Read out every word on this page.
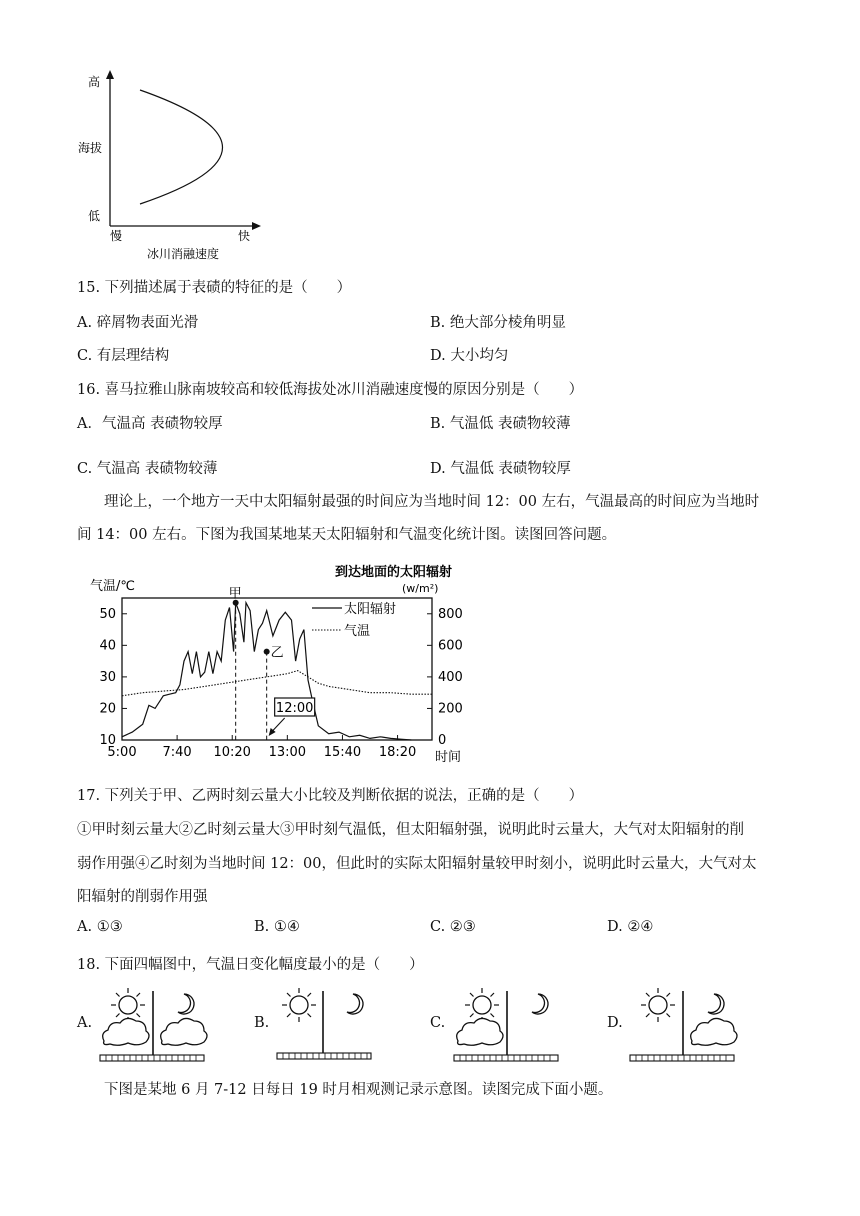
高
海拔
低
慢	快
冰川消融速度
15. 下列描述属于表碛的特征的是（　　）
A. 碎屑物表面光滑	B. 绝大部分棱角明显
C. 有层理结构	D. 大小均匀
16. 喜马拉雅山脉南坡较高和较低海拔处冰川消融速度慢的原因分别是（　　）
A．气温高 表碛物较厚	B. 气温低 表碛物较薄
C. 气温高 表碛物较薄	D. 气温低 表碛物较厚
理论上，一个地方一天中太阳辐射最强的时间应为当地时间 12：00 左右，气温最高的时间应为当地时
间 14：00 左右。下图为我国某地某天太阳辐射和气温变化统计图。读图回答问题。
气温/℃
到达地面的太阳辐射
(w/m²)
时间
10
20
30
40
50
0
200
400
600
800
5:00 7:40 10:20 13:00 15:40 18:20
甲
乙
12:00
太阳辐射
气温
17. 下列关于甲、乙两时刻云量大小比较及判断依据的说法，正确的是（　　）
①甲时刻云量大②乙时刻云量大③甲时刻气温低，但太阳辐射强，说明此时云量大，大气对太阳辐射的削
弱作用强④乙时刻为当地时间 12：00，但此时的实际太阳辐射量较甲时刻小，说明此时云量大，大气对太
阳辐射的削弱作用强
A. ①③	B. ①④	C. ②③	D. ②④
18. 下面四幅图中，气温日变化幅度最小的是（　　）
A.	B.	C.	D.
下图是某地 6 月 7-12 日每日 19 时月相观测记录示意图。读图完成下面小题。
